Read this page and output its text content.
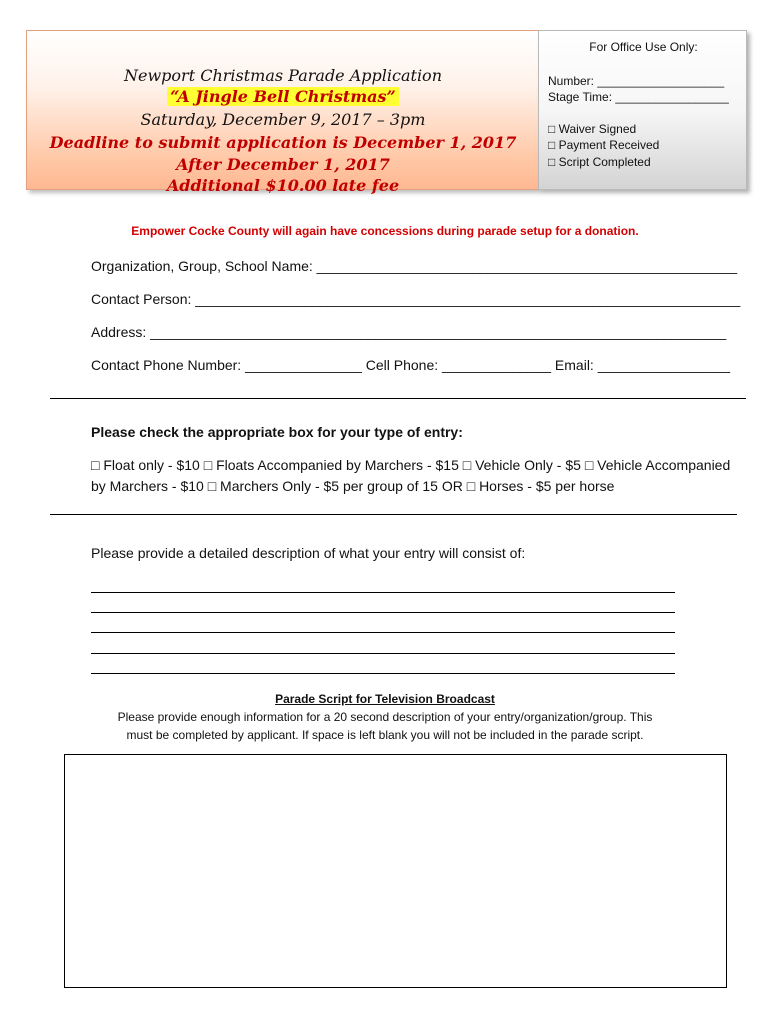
Newport Christmas Parade Application
“A Jingle Bell Christmas”
Saturday, December 9, 2017 – 3pm
Deadline to submit application is December 1, 2017
After December 1, 2017
Additional $10.00 late fee
For Office Use Only:
Number: ___________________
Stage Time: _________________
□ Waiver Signed
□ Payment Received
□ Script Completed
Empower Cocke County will again have concessions during parade setup for a donation.
Organization, Group, School Name: ______________________________________________________
Contact Person: ______________________________________________________________________
Address: __________________________________________________________________________
Contact Phone Number: _______________ Cell Phone: ______________ Email: _________________
Please check the appropriate box for your type of entry:
□ Float only - $10 □ Floats Accompanied by Marchers - $15 □ Vehicle Only - $5 □ Vehicle Accompanied
by Marchers - $10 □ Marchers Only - $5 per group of 15 OR □ Horses - $5 per horse
Please provide a detailed description of what your entry will consist of:
Parade Script for Television Broadcast
Please provide enough information for a 20 second description of your entry/organization/group. This
must be completed by applicant. If space is left blank you will not be included in the parade script.
